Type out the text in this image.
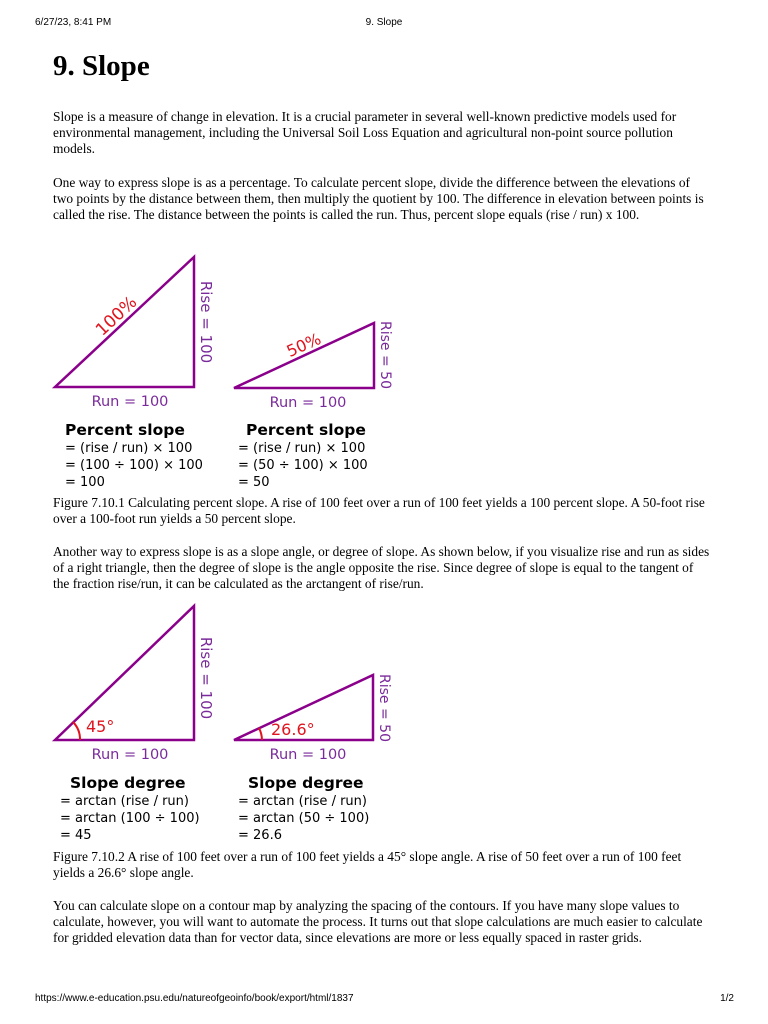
6/27/23, 8:41 PM	9. Slope
9. Slope

Slope is a measure of change in elevation. It is a crucial parameter in several well-known predictive models used for environmental management, including the Universal Soil Loss Equation and agricultural non-point source pollution models.

One way to express slope is as a percentage. To calculate percent slope, divide the difference between the elevations of two points by the distance between them, then multiply the quotient by 100. The difference in elevation between points is called the rise. The distance between the points is called the run. Thus, percent slope equals (rise / run) x 100.

100%	Rise = 100
Run = 100
50%	Rise = 50
Run = 100
Percent slope
= (rise / run) × 100
= (100 ÷ 100) × 100
= 100
Percent slope
= (rise / run) × 100
= (50 ÷ 100) × 100
= 50

Figure 7.10.1 Calculating percent slope. A rise of 100 feet over a run of 100 feet yields a 100 percent slope. A 50-foot rise over a 100-foot run yields a 50 percent slope.

Another way to express slope is as a slope angle, or degree of slope. As shown below, if you visualize rise and run as sides of a right triangle, then the degree of slope is the angle opposite the rise. Since degree of slope is equal to the tangent of the fraction rise/run, it can be calculated as the arctangent of rise/run.

45°
Rise = 100
Run = 100
26.6°	Rise = 50
Run = 100
Slope degree
= arctan (rise / run)
= arctan (100 ÷ 100)
= 45
Slope degree
= arctan (rise / run)
= arctan (50 ÷ 100)
= 26.6

Figure 7.10.2 A rise of 100 feet over a run of 100 feet yields a 45° slope angle. A rise of 50 feet over a run of 100 feet yields a 26.6° slope angle.

You can calculate slope on a contour map by analyzing the spacing of the contours. If you have many slope values to calculate, however, you will want to automate the process. It turns out that slope calculations are much easier to calculate for gridded elevation data than for vector data, since elevations are more or less equally spaced in raster grids.

https://www.e-education.psu.edu/natureofgeoinfo/book/export/html/1837	1/2
